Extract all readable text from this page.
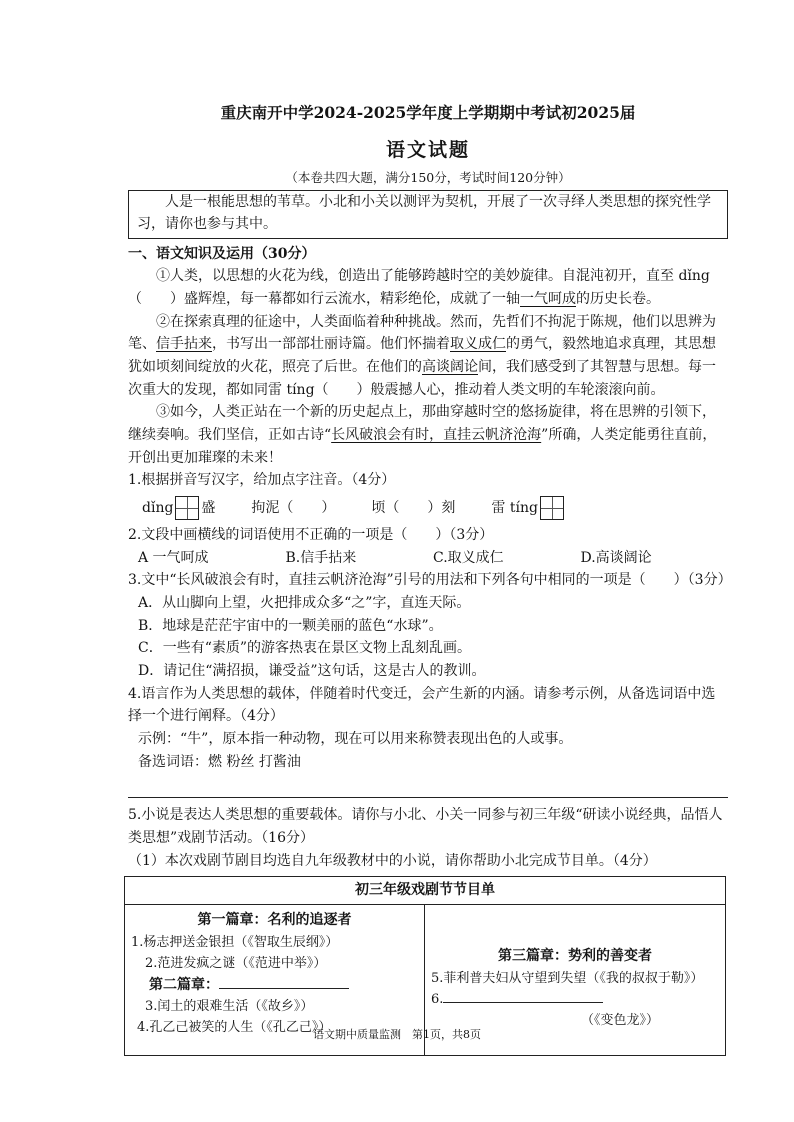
重庆南开中学2024-2025学年度上学期期中考试初2025届
语文试题
（本卷共四大题，满分150分，考试时间120分钟）
人是一根能思想的苇草。小北和小关以测评为契机，开展了一次寻绎人类思想的探究性学习，请你也参与其中。
一、语文知识及运用（30分）

①人类，以思想的火花为线，创造出了能够跨越时空的美妙旋律。自混沌初开，直至 dǐng（　　）盛辉煌，每一幕都如行云流水，精彩绝伦，成就了一轴一气呵成的历史长卷。

②在探索真理的征途中，人类面临着种种挑战。然而，先哲们不拘泥于陈规，他们以思辨为笔、信手拈来，书写出一部部壮丽诗篇。他们怀揣着取义成仁的勇气，毅然地追求真理，其思想犹如顷刻间绽放的火花，照亮了后世。在他们的高谈阔论间，我们感受到了其智慧与思想。每一次重大的发现，都如同雷 tíng（　　）般震撼人心，推动着人类文明的车轮滚滚向前。

③如今，人类正站在一个新的历史起点上，那曲穿越时空的悠扬旋律，将在思辨的引领下，继续奏响。我们坚信，正如古诗“长风破浪会有时，直挂云帆济沧海”所确，人类定能勇往直前，开创出更加璀璨的未来！

1.根据拼音写汉字，给加点字注音。（4分）

dǐng 盛	拘泥（　　）	顷（　　）刻	雷 tíng

2.文段中画横线的词语使用不正确的一项是（　　）（3分）

A 一气呵成	B.信手拈来	C.取义成仁	D.高谈阔论

3.文中“长风破浪会有时，直挂云帆济沧海”引号的用法和下列各句中相同的一项是（　　）（3分）

A．从山脚向上望，火把排成众多“之”字，直连天际。

B．地球是茫茫宇宙中的一颗美丽的蓝色“水球”。

C．一些有“素质”的游客热衷在景区文物上乱刻乱画。

D．请记住“满招损，谦受益”这句话，这是古人的教训。

4.语言作为人类思想的载体，伴随着时代变迁，会产生新的内涵。请参考示例，从备选词语中选择一个进行阐释。（4分）

示例：“牛”，原本指一种动物，现在可以用来称赞表现出色的人或事。

备选词语：燃 粉丝 打酱油

5.小说是表达人类思想的重要载体。请你与小北、小关一同参与初三年级“研读小说经典，品悟人类思想”戏剧节活动。（16分）

（1）本次戏剧节剧目均选自九年级教材中的小说，请你帮助小北完成节目单。（4分）

初三年级戏剧节节目单
第一篇章：名利的追逐者

1.杨志押送金银担（《智取生辰纲》）

2.范进发疯之谜（《范进中举》）

第二篇章：

3.闰土的艰难生活（《故乡》）

4.孔乙己被笑的人生（《孔乙己》）

第三篇章：势利的善变者

5.菲利普夫妇从守望到失望（《我的叔叔于勒》）

6.

（《变色龙》）

语文期中质量监测　第1页，共8页
